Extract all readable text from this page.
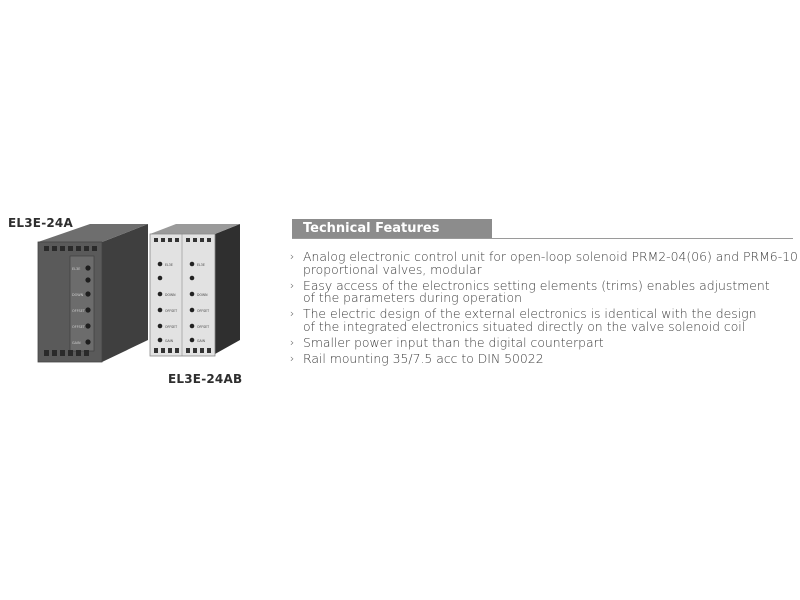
EL3E-24A
EL3E
DOWN
OFFSET
OFFSET
GAIN
EL3E
DOWN
OFFSET
OFFSET
GAIN
EL3E
DOWN
OFFSET
OFFSET
GAIN
EL3E-24AB
Technical Features
› Analog electronic control unit for open-loop solenoid PRM2-04(06) and PRM6-10
proportional valves, modular
› Easy access of the electronics setting elements (trims) enables adjustment
of the parameters during operation
› The electric design of the external electronics is identical with the design
of the integrated electronics situated directly on the valve solenoid coil
› Smaller power input than the digital counterpart
› Rail mounting 35/7.5 acc to DIN 50022
